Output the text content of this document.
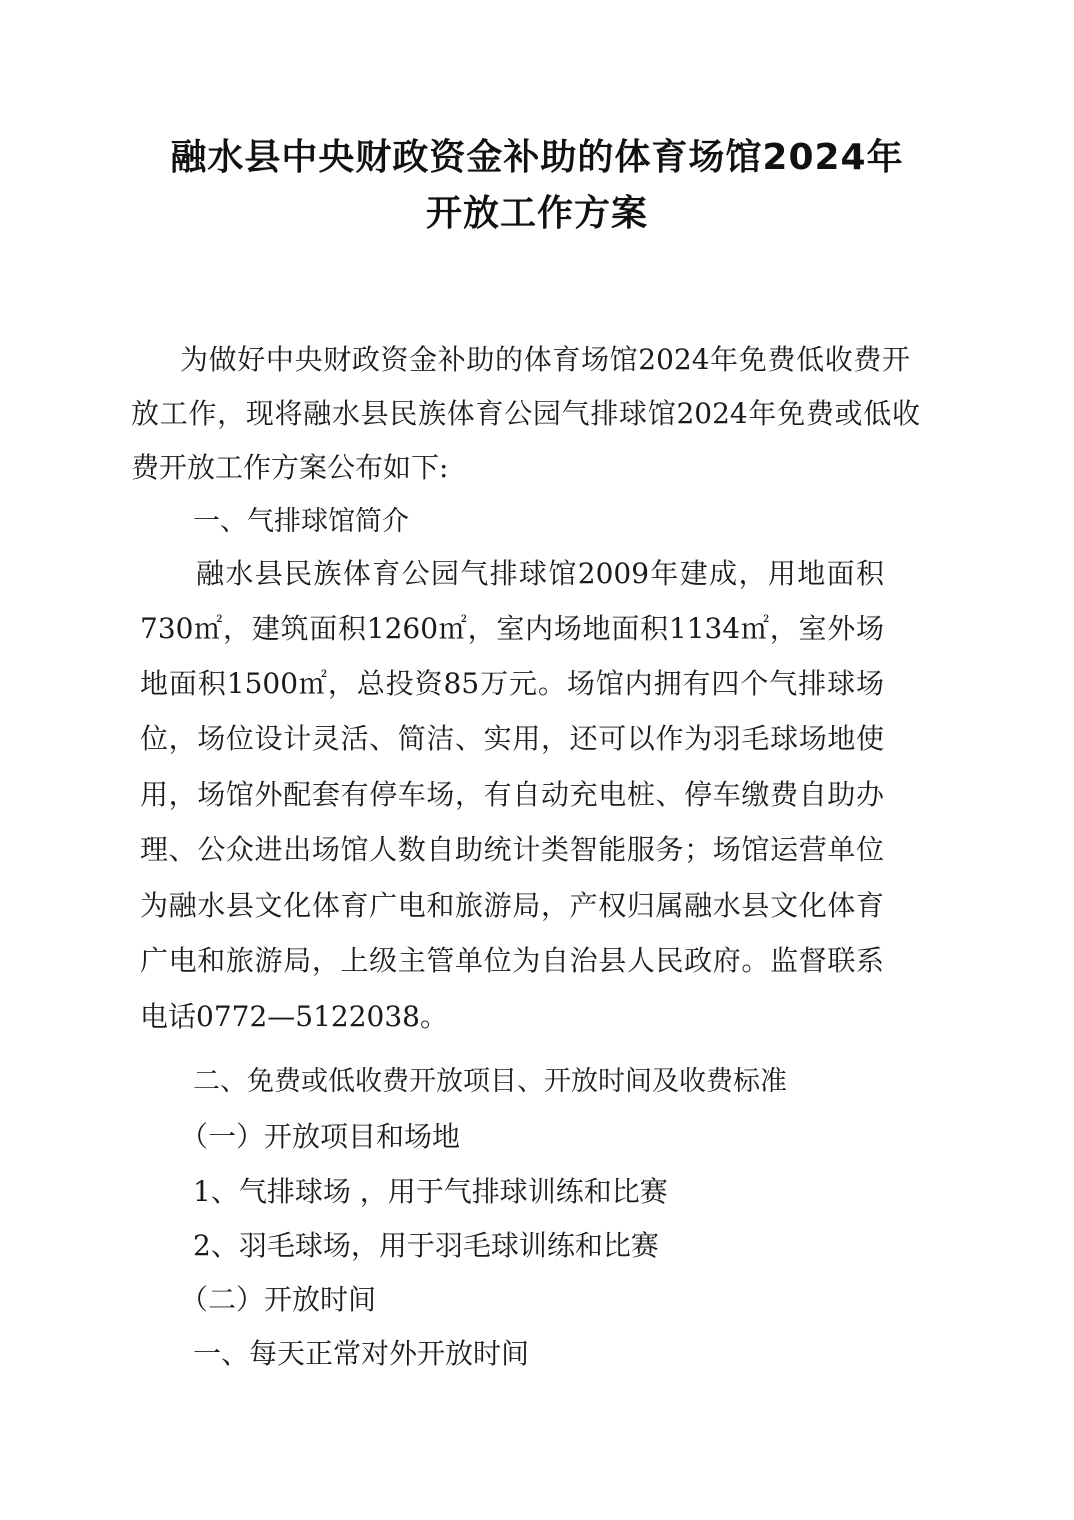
融水县中央财政资金补助的体育场馆2024年
开放工作方案
为做好中央财政资金补助的体育场馆2024年免费低收费开
放工作，现将融水县民族体育公园气排球馆2024年免费或低收
费开放工作方案公布如下:
一、气排球馆简介
融水县民族体育公园气排球馆2009年建成，用地面积
730㎡，建筑面积1260㎡，室内场地面积1134㎡，室外场
地面积1500㎡，总投资85万元。场馆内拥有四个气排球场
位，场位设计灵活、简洁、实用，还可以作为羽毛球场地使
用，场馆外配套有停车场，有自动充电桩、停车缴费自助办
理、公众进出场馆人数自助统计类智能服务；场馆运营单位
为融水县文化体育广电和旅游局，产权归属融水县文化体育
广电和旅游局，上级主管单位为自治县人民政府。监督联系
电话0772—5122038。
二、免费或低收费开放项目、开放时间及收费标准
（一）开放项目和场地
1、气排球场 ，用于气排球训练和比赛
2、羽毛球场，用于羽毛球训练和比赛
（二）开放时间
一、每天正常对外开放时间
